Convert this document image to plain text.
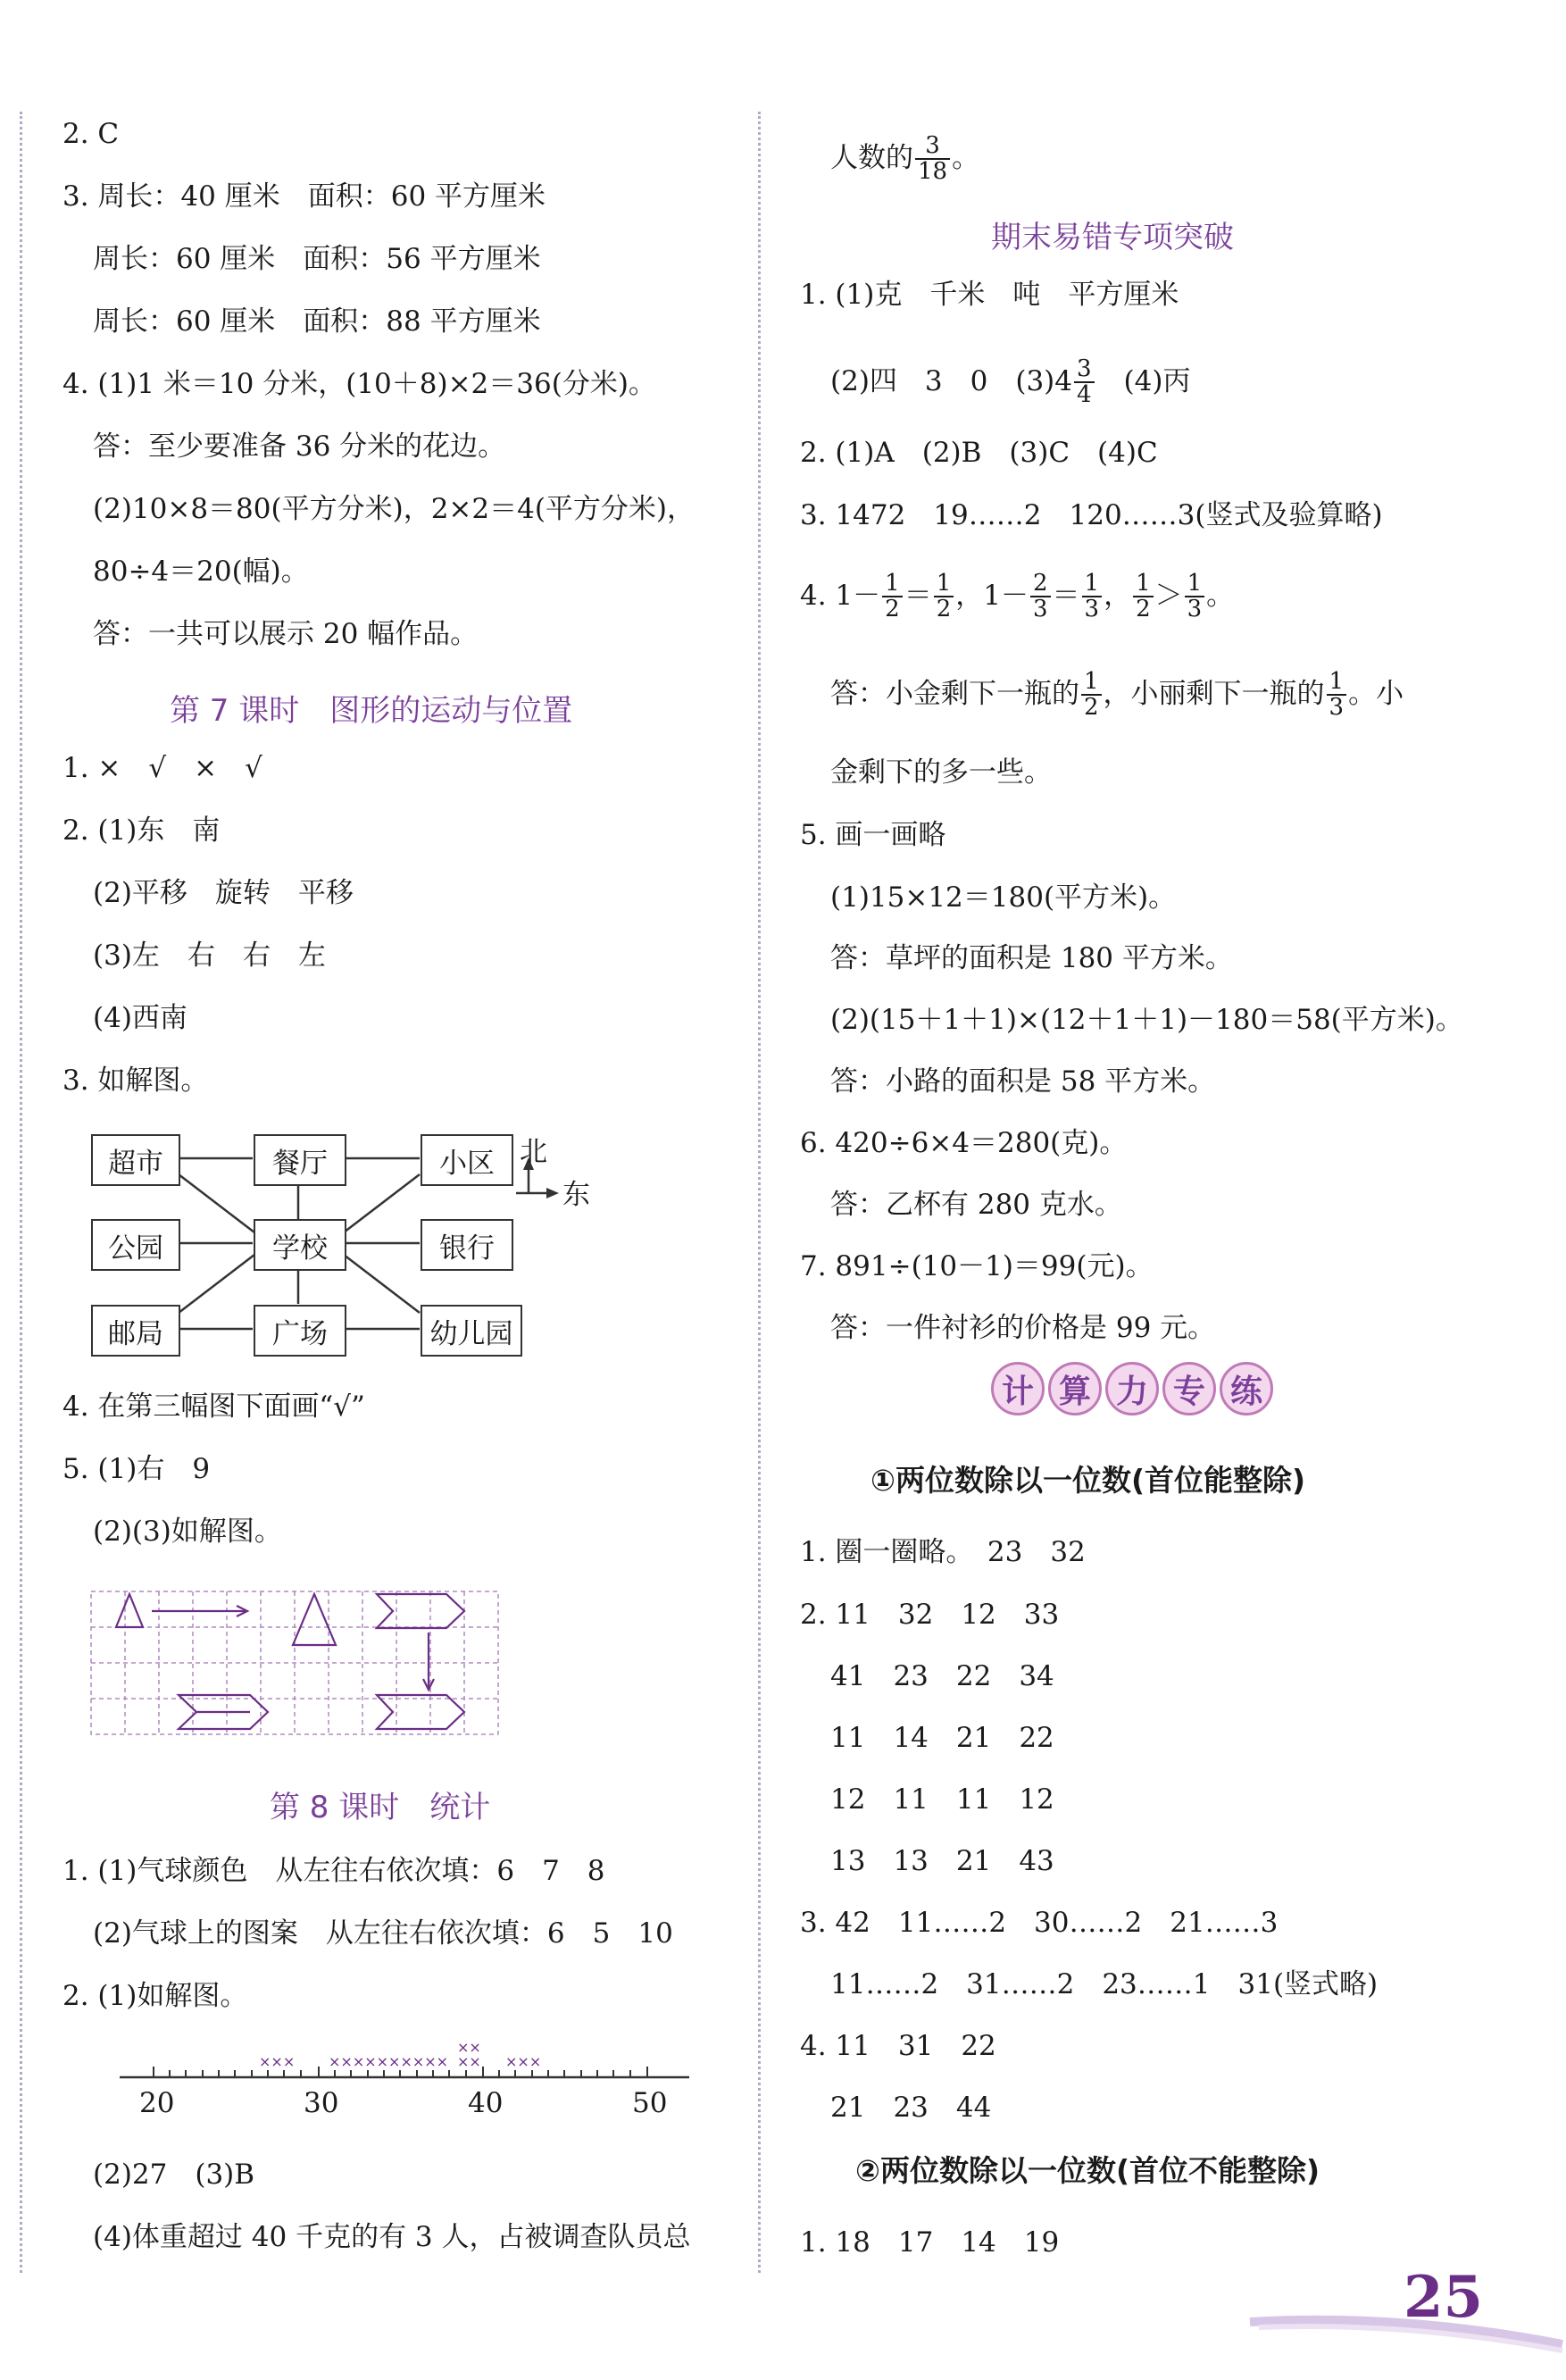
2. C
3. 周长：40 厘米　面积：60 平方厘米
周长：60 厘米　面积：56 平方厘米
周长：60 厘米　面积：88 平方厘米
4. (1)1 米＝10 分米，(10＋8)×2＝36(分米)。
答：至少要准备 36 分米的花边。
(2)10×8＝80(平方分米)，2×2＝4(平方分米)，
80÷4＝20(幅)。
答：一共可以展示 20 幅作品。
第 7 课时　图形的运动与位置
1. ×　√　×　√
2. (1)东　南
(2)平移　旋转　平移
(3)左　右　右　左
(4)西南
3. 如解图。
超市	餐厅	小区
公园	学校	银行
邮局	广场	幼儿园
北
东
4. 在第三幅图下面画“√”
5. (1)右　9
(2)(3)如解图。
第 8 课时　统计
1. (1)气球颜色　从左往右依次填：6　7　8
(2)气球上的图案　从左往右依次填：6　5　10
2. (1)如解图。
××× ×××××××××× ××
××
×××
20	30	40	50
(2)27　(3)B
(4)体重超过 40 千克的有 3 人，占被调查队员总
人数的 $\frac{3}{18}$ 。
期末易错专项突破
1. (1)克　千米　吨　平方厘米
(2)四　3　0　$(3)4 \frac{3}{4}$
　 (4)丙
2. (1)A　(2)B　(3)C　(4)C
3. 1472　19……2　120……3(竖式及验算略)
4. $1- \frac{1}{2} = \frac{1}{2}$ ，$1- \frac{2}{3} = \frac{1}{3}$ ， $\frac{1}{2} > \frac{1}{3}$ 。
答：小金剩下一瓶的 $\frac{1}{2}$ ，小丽剩下一瓶的 $\frac{1}{3}$ 。小
金剩下的多一些。
5. 画一画略
(1)15×12＝180(平方米)。
答：草坪的面积是 180 平方米。
(2)(15＋1＋1)×(12＋1＋1)－180＝58(平方米)。
答：小路的面积是 58 平方米。
6. 420÷6×4＝280(克)。
答：乙杯有 280 克水。
7. 891÷(10－1)＝99(元)。
答：一件衬衫的价格是 99 元。
计 算 力 专 练
①两位数除以一位数(首位能整除)
1. 圈一圈略。　23　32
2. 11　32　12　33
41　23　22　34
11　14　21　22
12　11　11　12
13　13　21　43
3. 42　11……2　30……2　21……3
11……2　31……2　23……1　31(竖式略)
4. 11　31　22
21　23　44
②两位数除以一位数(首位不能整除)
1. 18　17　14　19
25
